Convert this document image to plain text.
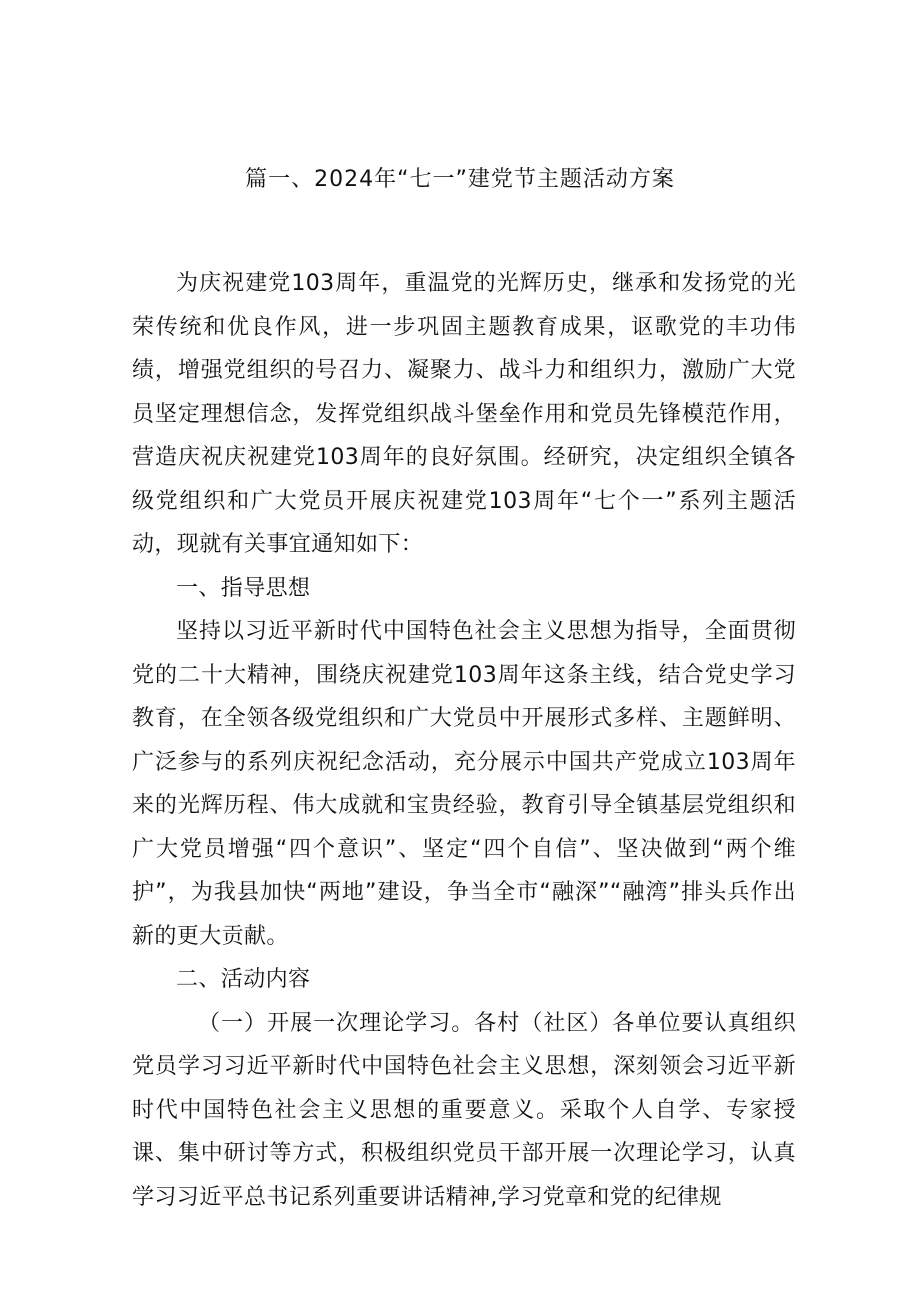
篇一、2024年“七一”建党节主题活动方案

为庆祝建党103周年，重温党的光辉历史，继承和发扬党的光荣传统和优良作风，进一步巩固主题教育成果，讴歌党的丰功伟绩，增强党组织的号召力、凝聚力、战斗力和组织力，激励广大党员坚定理想信念，发挥党组织战斗堡垒作用和党员先锋模范作用，营造庆祝庆祝建党103周年的良好氛围。经研究，决定组织全镇各级党组织和广大党员开展庆祝建党103周年“七个一”系列主题活动，现就有关事宜通知如下：

一、指导思想

坚持以习近平新时代中国特色社会主义思想为指导，全面贯彻党的二十大精神，围绕庆祝建党103周年这条主线，结合党史学习教育，在全领各级党组织和广大党员中开展形式多样、主题鲜明、广泛参与的系列庆祝纪念活动，充分展示中国共产党成立103周年来的光辉历程、伟大成就和宝贵经验，教育引导全镇基层党组织和广大党员增强“四个意识”、坚定“四个自信”、坚决做到“两个维护”，为我县加快“两地”建设，争当全市“融深”“融湾”排头兵作出新的更大贡献。

二、活动内容

（一）开展一次理论学习。各村（社区）各单位要认真组织党员学习习近平新时代中国特色社会主义思想，深刻领会习近平新时代中国特色社会主义思想的重要意义。采取个人自学、专家授课、集中研讨等方式，积极组织党员干部开展一次理论学习，认真学习习近平总书记系列重要讲话精神,学习党章和党的纪律规
